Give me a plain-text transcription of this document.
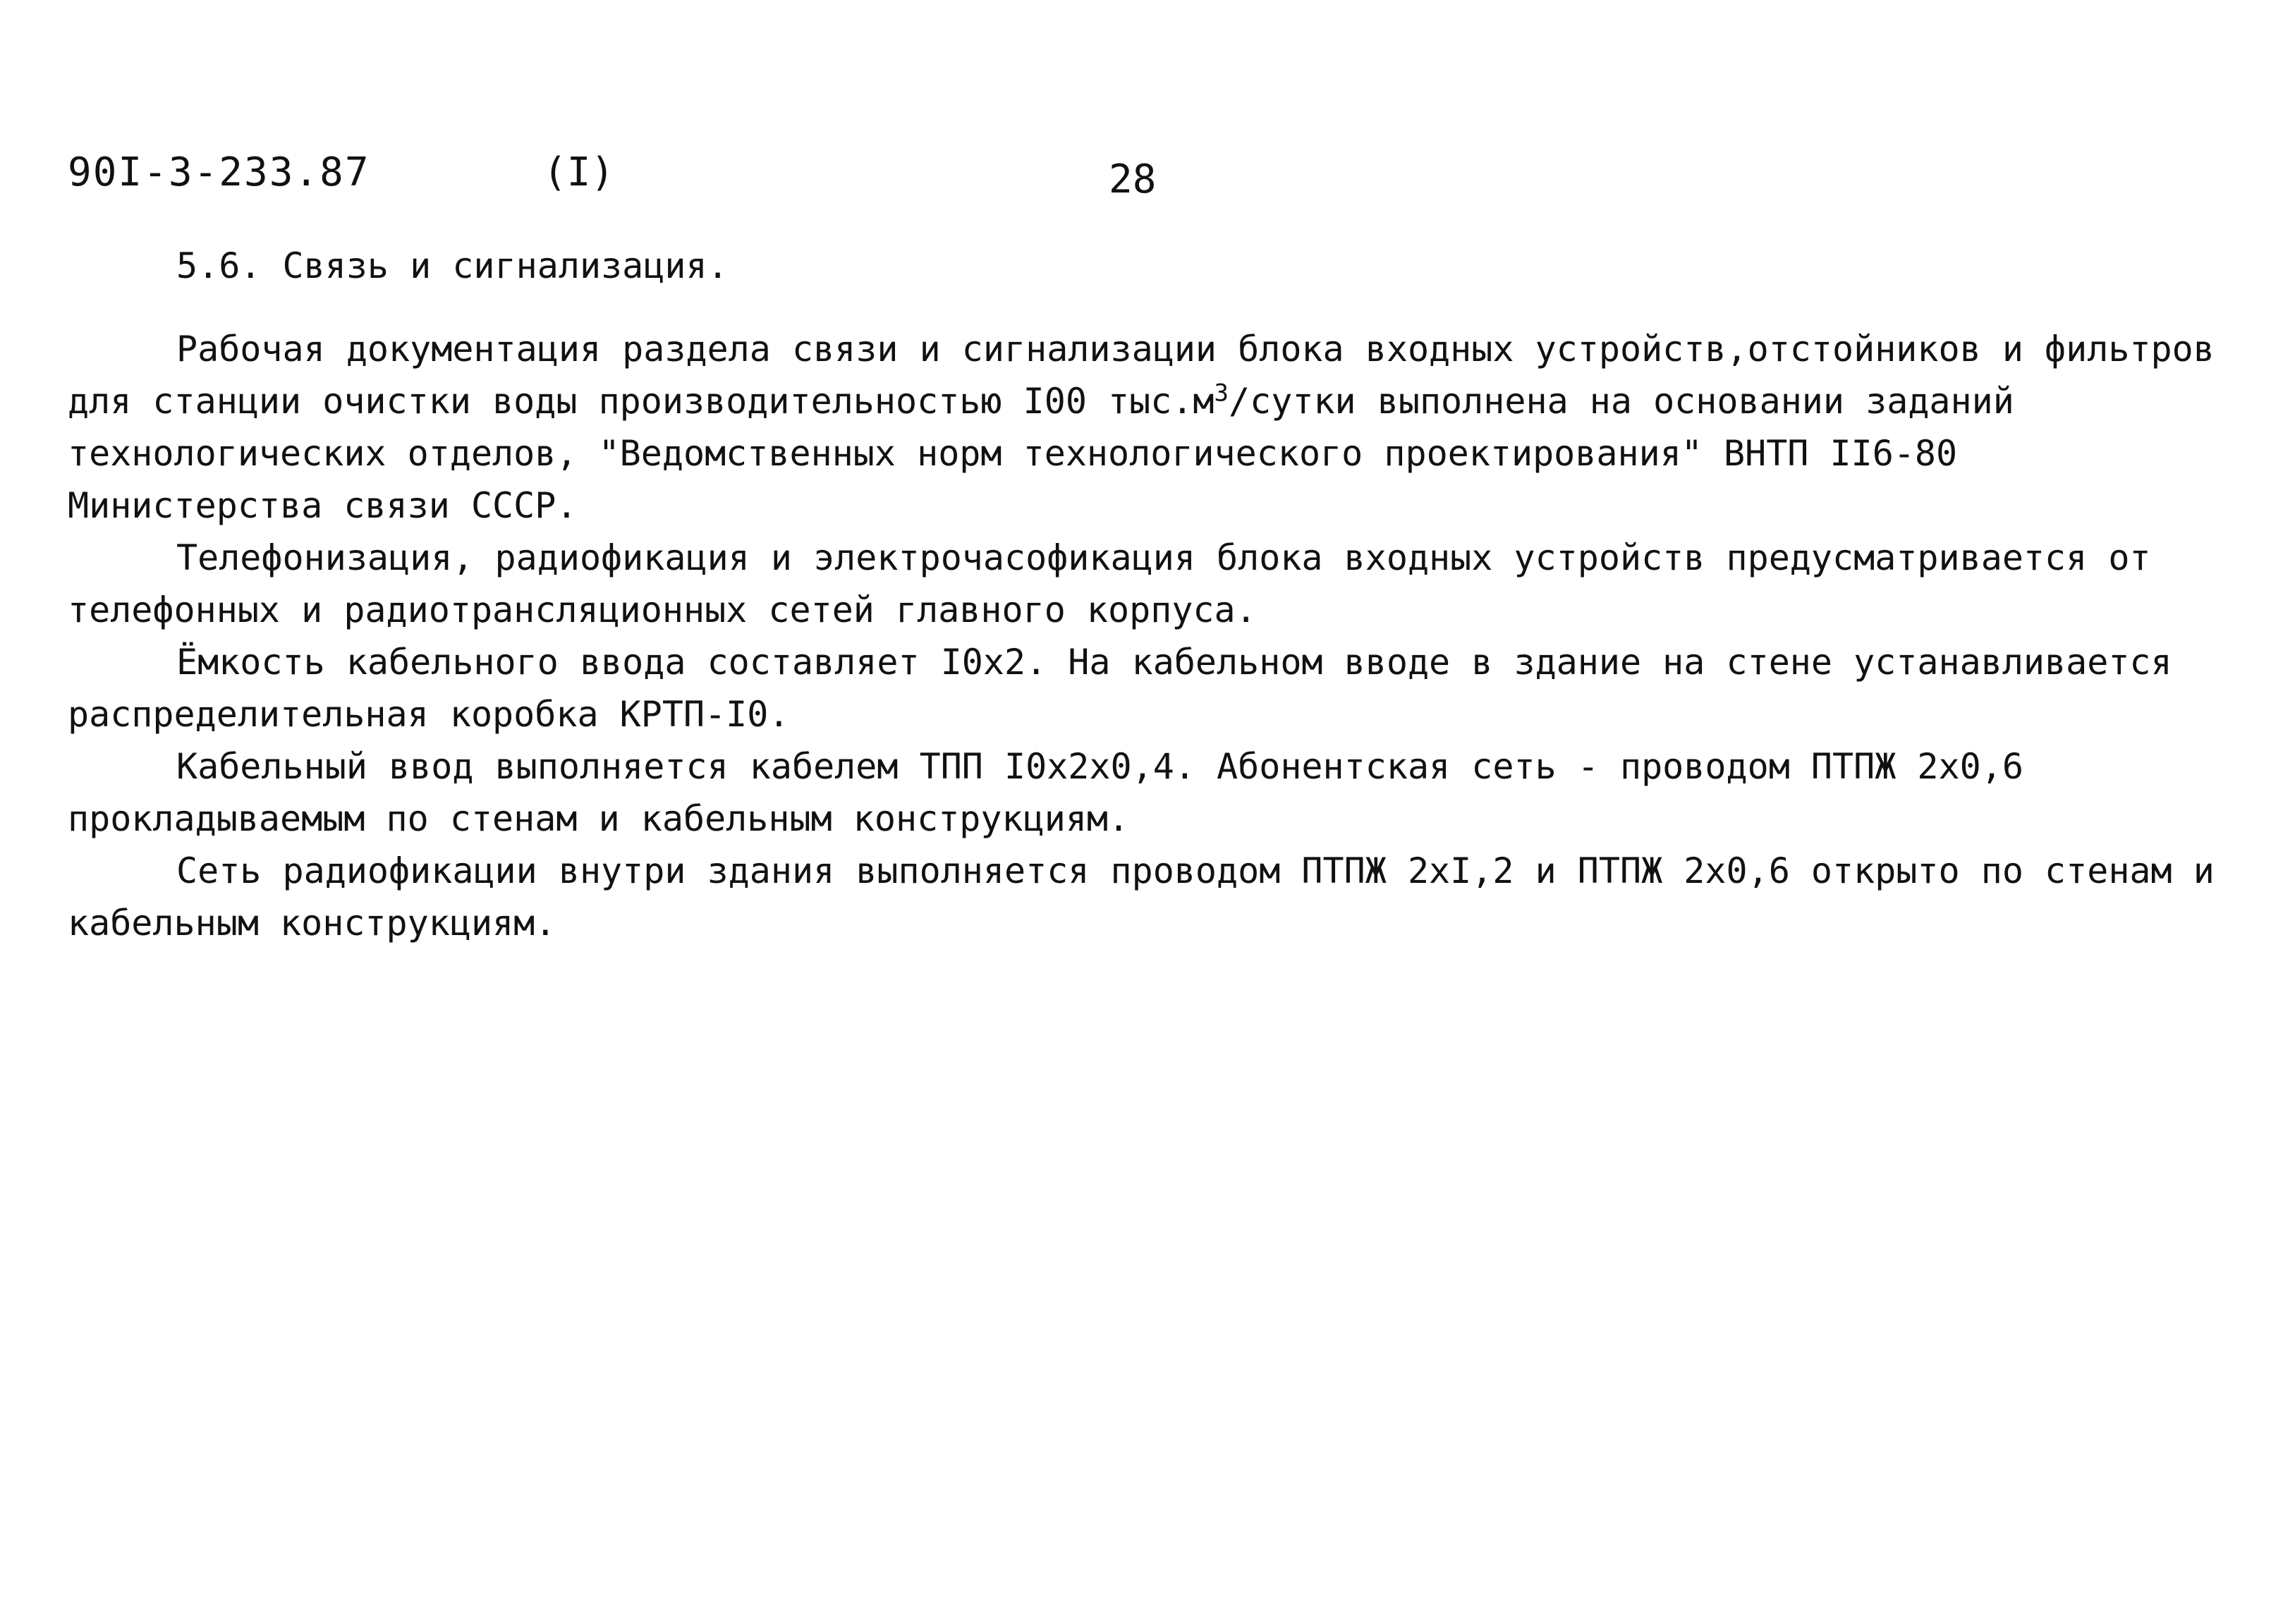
90I-3-233.87	(I)	28
5.6. Связь и сигнализация.

Рабочая документация раздела связи и сигнализации блока входных устройств,отстойников и фильтров для станции очистки воды производительностью I00 $тыс.м^3$/сутки выполнена на основании заданий технологических отделов, "Ведомственных норм технологического проектирования" ВНТП II6-80 Министерства связи СССР.

Телефонизация, радиофикация и электрочасофикация блока входных устройств предусматривается от телефонных и радиотрансляционных сетей главного корпуса.

Ёмкость кабельного ввода составляет I0x2. На кабельном вводе в здание на стене устанавливается распределительная коробка КРТП-I0.

Кабельный ввод выполняется кабелем ТПП I0x2x0,4. Абонентская сеть - проводом ПТПЖ 2x0,6 прокладываемым по стенам и кабельным конструкциям.

Сеть радиофикации внутри здания выполняется проводом ПТПЖ 2xI,2 и ПТПЖ 2x0,6 открыто по стенам и кабельным конструкциям.
